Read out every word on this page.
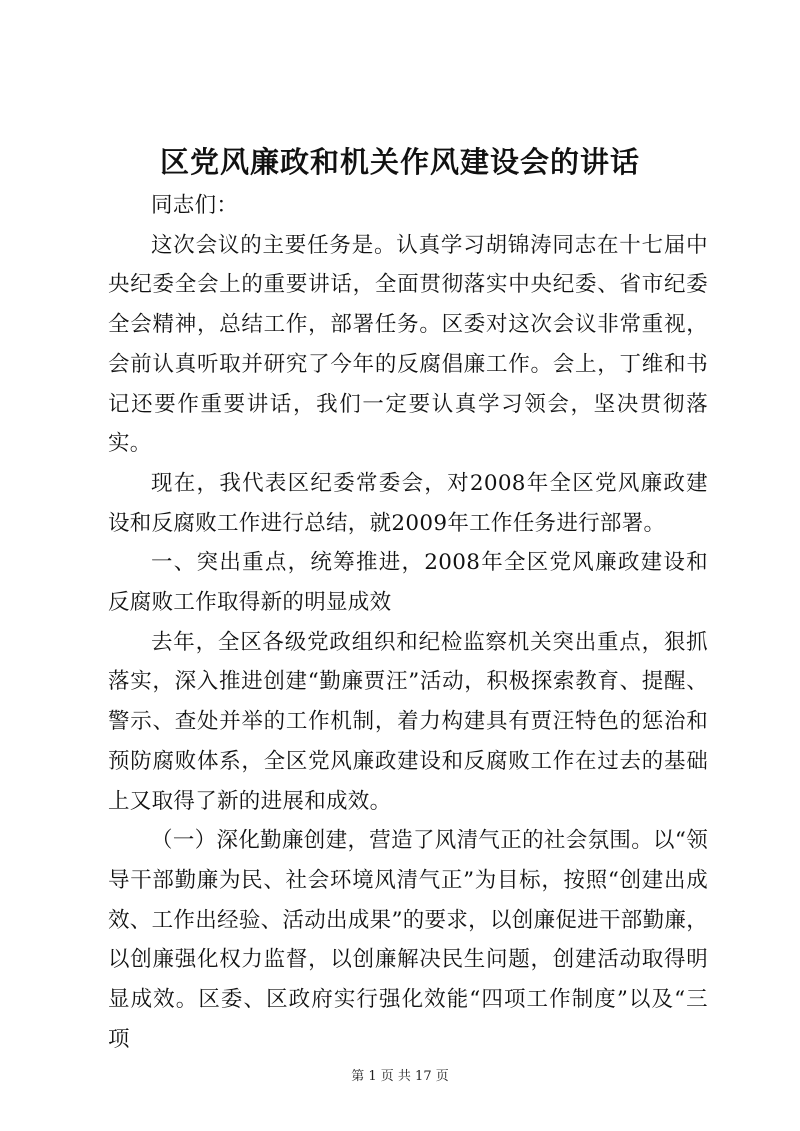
区党风廉政和机关作风建设会的讲话

同志们：

这次会议的主要任务是。认真学习胡锦涛同志在十七届中央纪委全会上的重要讲话，全面贯彻落实中央纪委、省市纪委全会精神，总结工作，部署任务。区委对这次会议非常重视，会前认真听取并研究了今年的反腐倡廉工作。会上，丁维和书记还要作重要讲话，我们一定要认真学习领会，坚决贯彻落实。

现在，我代表区纪委常委会，对2008年全区党风廉政建设和反腐败工作进行总结，就2009年工作任务进行部署。

一、突出重点，统筹推进，2008年全区党风廉政建设和反腐败工作取得新的明显成效

去年，全区各级党政组织和纪检监察机关突出重点，狠抓落实，深入推进创建“勤廉贾汪”活动，积极探索教育、提醒、警示、查处并举的工作机制，着力构建具有贾汪特色的惩治和预防腐败体系，全区党风廉政建设和反腐败工作在过去的基础上又取得了新的进展和成效。

（一）深化勤廉创建，营造了风清气正的社会氛围。以“领导干部勤廉为民、社会环境风清气正”为目标，按照“创建出成效、工作出经验、活动出成果”的要求，以创廉促进干部勤廉，以创廉强化权力监督，以创廉解决民生问题，创建活动取得明显成效。区委、区政府实行强化效能“四项工作制度”以及“三项

第 1 页 共 17 页
